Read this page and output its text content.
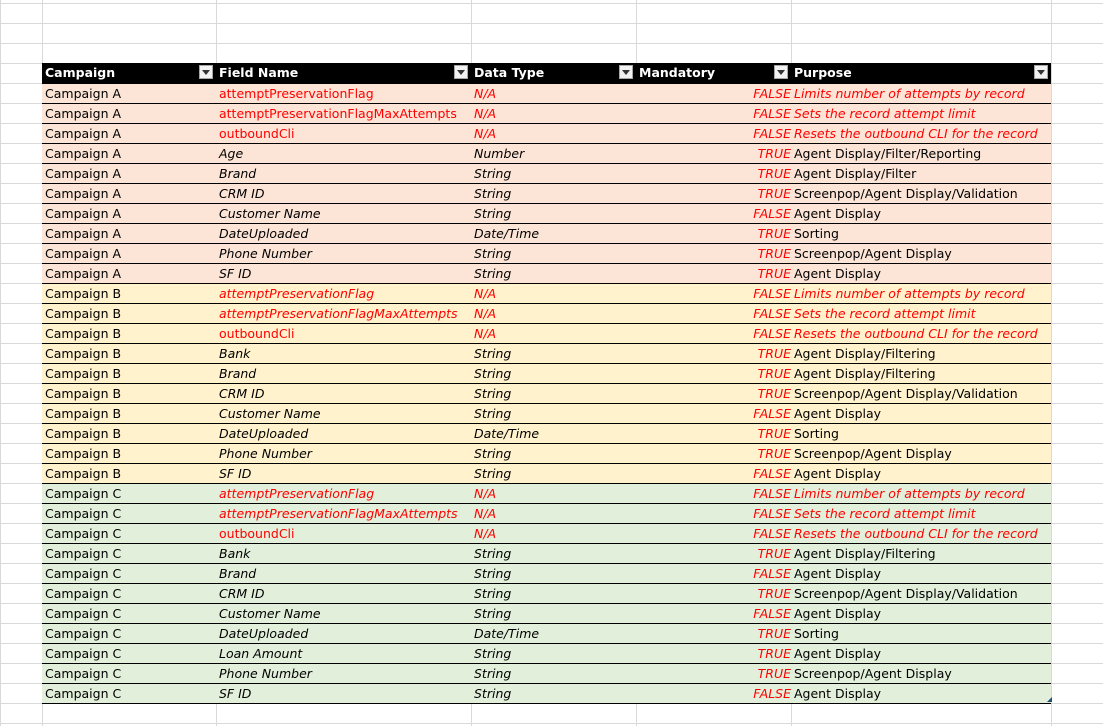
Campaign	Field Name	Data Type	Mandatory	Purpose

Campaign A	attemptPreservationFlag	N/A	FALSE	Limits number of attempts by record
Campaign A	attemptPreservationFlagMaxAttempts	N/A	FALSE	Sets the record attempt limit
Campaign A	outboundCli	N/A	FALSE	Resets the outbound CLI for the record
Campaign A	Age	Number	TRUE	Agent Display/Filter/Reporting
Campaign A	Brand	String	TRUE	Agent Display/Filter
Campaign A	CRM ID	String	TRUE	Screenpop/Agent Display/Validation
Campaign A	Customer Name	String	FALSE	Agent Display
Campaign A	DateUploaded	Date/Time	TRUE	Sorting
Campaign A	Phone Number	String	TRUE	Screenpop/Agent Display
Campaign A	SF ID	String	TRUE	Agent Display
Campaign B	attemptPreservationFlag	N/A	FALSE	Limits number of attempts by record
Campaign B	attemptPreservationFlagMaxAttempts	N/A	FALSE	Sets the record attempt limit
Campaign B	outboundCli	N/A	FALSE	Resets the outbound CLI for the record
Campaign B	Bank	String	TRUE	Agent Display/Filtering
Campaign B	Brand	String	TRUE	Agent Display/Filtering
Campaign B	CRM ID	String	TRUE	Screenpop/Agent Display/Validation
Campaign B	Customer Name	String	FALSE	Agent Display
Campaign B	DateUploaded	Date/Time	TRUE	Sorting
Campaign B	Phone Number	String	TRUE	Screenpop/Agent Display
Campaign B	SF ID	String	FALSE	Agent Display
Campaign C	attemptPreservationFlag	N/A	FALSE	Limits number of attempts by record
Campaign C	attemptPreservationFlagMaxAttempts	N/A	FALSE	Sets the record attempt limit
Campaign C	outboundCli	N/A	FALSE	Resets the outbound CLI for the record
Campaign C	Bank	String	TRUE	Agent Display/Filtering
Campaign C	Brand	String	FALSE	Agent Display
Campaign C	CRM ID	String	TRUE	Screenpop/Agent Display/Validation
Campaign C	Customer Name	String	FALSE	Agent Display
Campaign C	DateUploaded	Date/Time	TRUE	Sorting
Campaign C	Loan Amount	String	TRUE	Agent Display
Campaign C	Phone Number	String	TRUE	Screenpop/Agent Display
Campaign C	SF ID	String	FALSE	Agent Display
